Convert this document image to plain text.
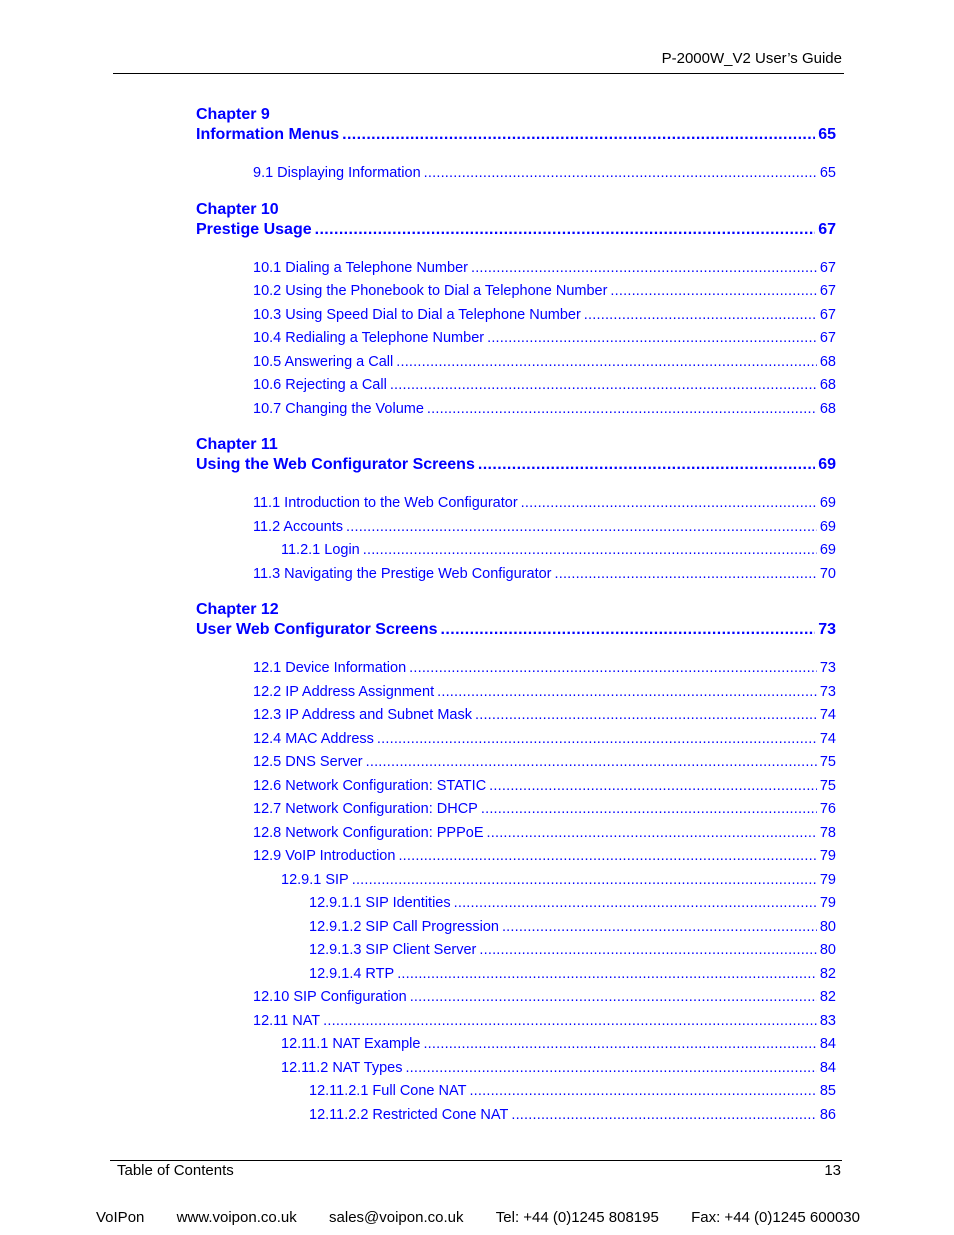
P-2000W_V2 User’s Guide
Chapter 9
Information Menus .....	65
9.1 Displaying Information .....	65
Chapter 10
Prestige Usage .....	67
10.1 Dialing a Telephone Number .....	67
10.2 Using the Phonebook to Dial a Telephone Number .....	67
10.3 Using Speed Dial to Dial a Telephone Number .....	67
10.4 Redialing a Telephone Number .....	67
10.5 Answering a Call .....	68
10.6 Rejecting a Call .....	68
10.7 Changing the Volume .....	68
Chapter 11
Using the Web Configurator Screens .....	69
11.1 Introduction to the Web Configurator .....	69
11.2 Accounts .....	69
11.2.1 Login .....	69
11.3 Navigating the Prestige Web Configurator .....	70
Chapter 12
User Web Configurator Screens .....	73
12.1 Device Information .....	73
12.2 IP Address Assignment .....	73
12.3 IP Address and Subnet Mask .....	74
12.4 MAC Address .....	74
12.5 DNS Server .....	75
12.6 Network Configuration: STATIC .....	75
12.7 Network Configuration: DHCP .....	76
12.8 Network Configuration: PPPoE .....	78
12.9 VoIP Introduction .....	79
12.9.1 SIP .....	79
12.9.1.1 SIP Identities .....	79
12.9.1.2 SIP Call Progression .....	80
12.9.1.3 SIP Client Server .....	80
12.9.1.4 RTP .....	82
12.10 SIP Configuration .....	82
12.11 NAT .....	83
12.11.1 NAT Example .....	84
12.11.2 NAT Types .....	84
12.11.2.1 Full Cone NAT .....	85
12.11.2.2 Restricted Cone NAT .....	86
Table of Contents	13
VoIPon www.voipon.co.uk sales@voipon.co.uk Tel: +44 (0)1245 808195 Fax: +44 (0)1245 600030
